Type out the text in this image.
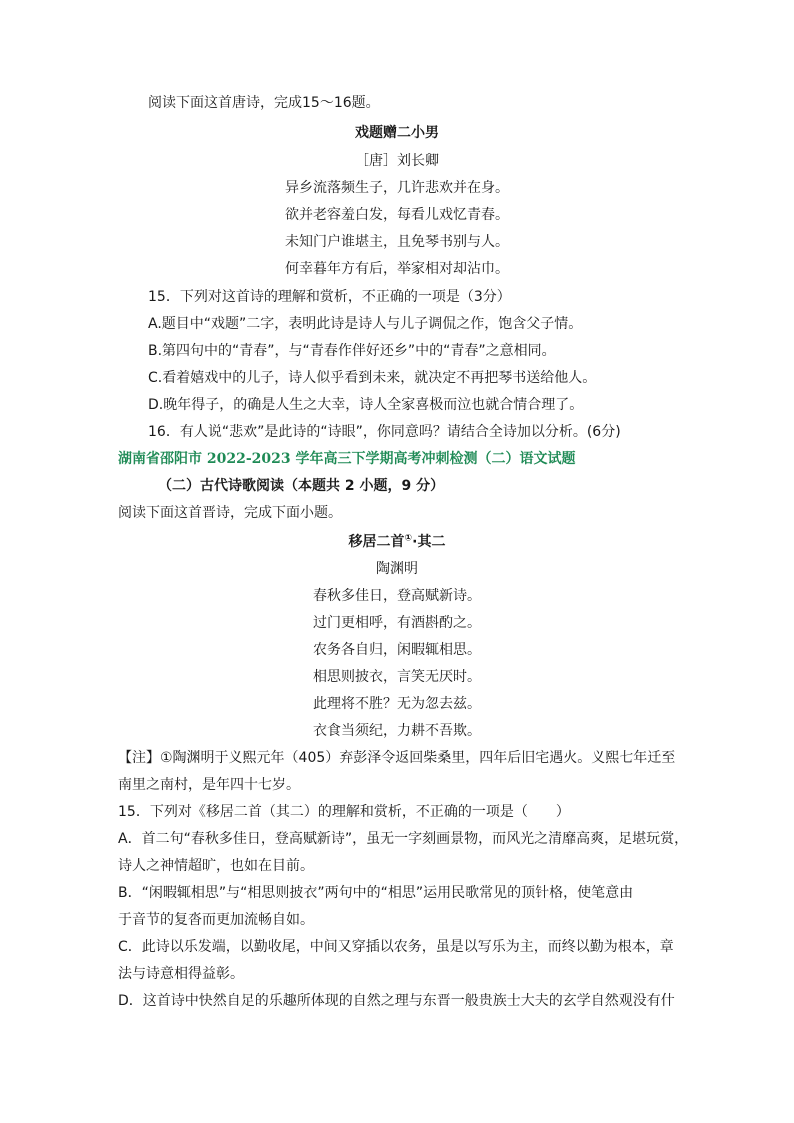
阅读下面这首唐诗，完成15～16题。
戏题赠二小男
［唐］刘长卿
异乡流落频生子，几许悲欢并在身。
欲并老容羞白发，每看儿戏忆青春。
未知门户谁堪主，且免琴书别与人。
何幸暮年方有后，举家相对却沾巾。
15．下列对这首诗的理解和赏析，不正确的一项是（3分）
A.题目中“戏题”二字，表明此诗是诗人与儿子调侃之作，饱含父子情。
B.第四句中的“青春”，与“青春作伴好还乡”中的“青春”之意相同。
C.看着嬉戏中的儿子，诗人似乎看到未来，就决定不再把琴书送给他人。
D.晚年得子，的确是人生之大幸，诗人全家喜极而泣也就合情合理了。
16．有人说“悲欢”是此诗的“诗眼”，你同意吗？请结合全诗加以分析。(6分)
湖南省邵阳市 2022-2023 学年高三下学期高考冲刺检测（二）语文试题
（二）古代诗歌阅读（本题共 2 小题，9 分）
阅读下面这首晋诗，完成下面小题。
移居二首①·其二
陶渊明
春秋多佳日，登高赋新诗。
过门更相呼，有酒斟酌之。
农务各自归，闲暇辄相思。
相思则披衣，言笑无厌时。
此理将不胜？无为忽去兹。
衣食当须纪，力耕不吾欺。
【注】①陶渊明于义熙元年（405）弃彭泽令返回柴桑里，四年后旧宅遇火。义熙七年迁至
南里之南村，是年四十七岁。
15．下列对《移居二首（其二）的理解和赏析，不正确的一项是（　　）
A．首二句“春秋多佳日，登高赋新诗”，虽无一字刻画景物，而风光之清靡高爽，足堪玩赏，
诗人之神情超旷，也如在目前。
B．“闲暇辄相思”与“相思则披衣”两句中的“相思”运用民歌常见的顶针格，使笔意由
于音节的复沓而更加流畅自如。
C．此诗以乐发端，以勤收尾，中间又穿插以农务，虽是以写乐为主，而终以勤为根本，章
法与诗意相得益彰。
D．这首诗中快然自足的乐趣所体现的自然之理与东晋一般贵族士大夫的玄学自然观没有什
